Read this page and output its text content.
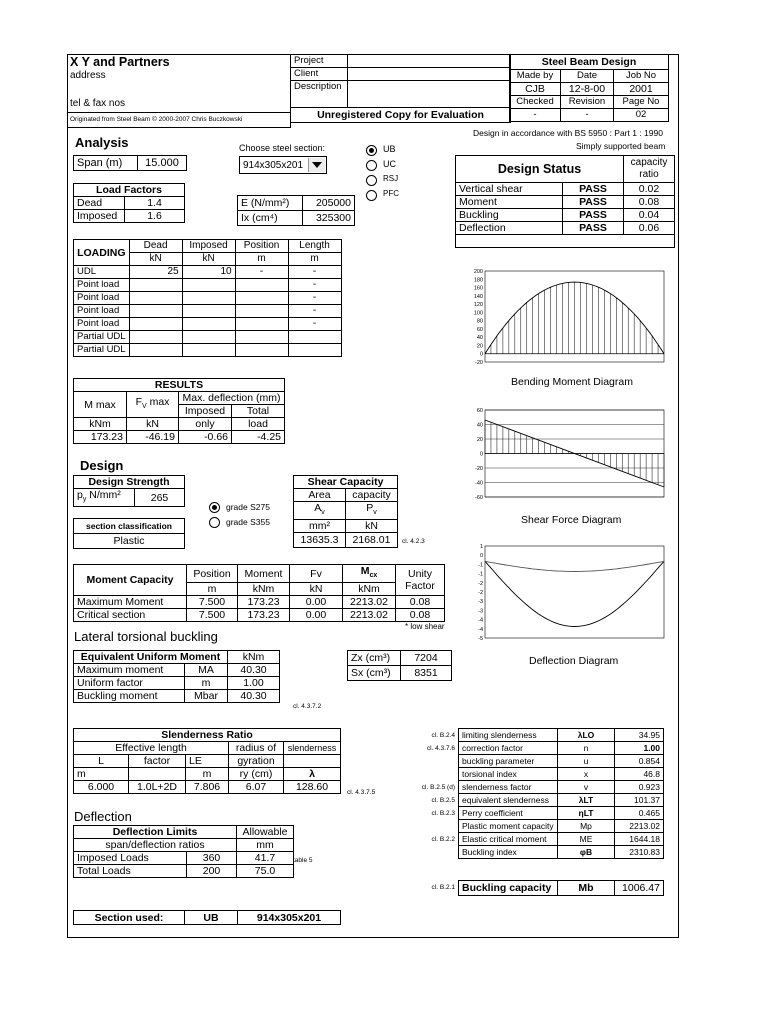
X Y and Partners
address
tel & fax nos
Originated from Steel Beam © 2000-2007 Chris Buczkowski
Project	
Client	
Description	
Unregistered Copy for Evaluation	
Steel Beam Design		
Made by	Date	Job No
CJB	12-8-00	2001
Checked	Revision	Page No
-	-	02
Analysis
Span (m)	15.000
Choose steel section:
914x305x201
UB
UC
RSJ
PFC
Design in accordance with BS 5950 : Part 1 : 1990
Simply supported beam
Design Status		capacity ratio
Vertical shear	PASS	0.02
Moment	PASS	0.08
Buckling	PASS	0.04
Deflection	PASS	0.06

Load Factors	
Dead	1.4
Imposed	1.6
E (N/mm²)	205000
Ix (cm⁴)	325300
LOADING	Dead	Imposed	Position	Length
	kN	kN	m	m
UDL	25	10	-	-
Point load				-
Point load				-
Point load				-
Point load				-
Partial UDL				
Partial UDL				
RESULTS			
M max	$F_V$ max	Max. deflection (mm)	
		Imposed	Total
kNm	kN	only	load
173.23	-46.19	-0.66	-4.25
Design
Design Strength
$p_y$ N/mm²	265
grade S275
grade S355
section classification
Plastic
Shear Capacity	
Area	capacity
$A_v$	$P_v$
mm²	kN
13635.3	2168.01 cl. 4.2.3
Moment Capacity	Position	Moment	Fv	$M_{cx}$	Unity Factor
	m	kNm	kN	kNm	
Maximum Moment	7.500	173.23	0.00	2213.02	0.08
Critical section	7.500	173.23	0.00	2213.02	0.08
* low shear
Lateral torsional buckling
Equivalent Uniform Moment		kNm
Maximum moment	MA	40.30
Uniform factor	m	1.00
Buckling moment	Mbar	40.30
cl. 4.3.7.2
Zx (cm³)	7204
Sx (cm³)	8351
Slenderness Ratio				
Effective length			radius of	slenderness
L	factor	LE	gyration	
m		m	ry (cm)	λ
6.000	1.0L+2D	7.806	6.07	128.60	cl. 4.3.7.5
cl. B.2.4	limiting slenderness	λLO	34.95
cl. 4.3.7.6	correction factor	n	1.00
	buckling parameter	u	0.854
	torsional index	x	46.8
cl. B.2.5 (d)	slenderness factor	v	0.923
cl. B.2.5	equivalent slenderness	λLT	101.37
cl. B.2.3	Perry coefficient	ηLT	0.465
	Plastic moment capacity	Mp	2213.02
cl. B.2.2	Elastic critical moment	ME	1644.18
	Buckling index	φB	2310.83
cl. B.2.1	Buckling capacity	Mb	1006.47
Deflection
Deflection Limits		Allowable
span/deflection ratios		mm
Imposed Loads	360	41.7
Total Loads	200	75.0
table 5
Section used:	UB	914x305x201
200
180
160
140
120
100
80
60
40
20
0
-20
60
40
20
0
-20
-40
-60
1
0
-1
-1
-2
-2
-3
-3
-4
-4
-5
Bending Moment Diagram
Shear Force Diagram
Deflection Diagram
